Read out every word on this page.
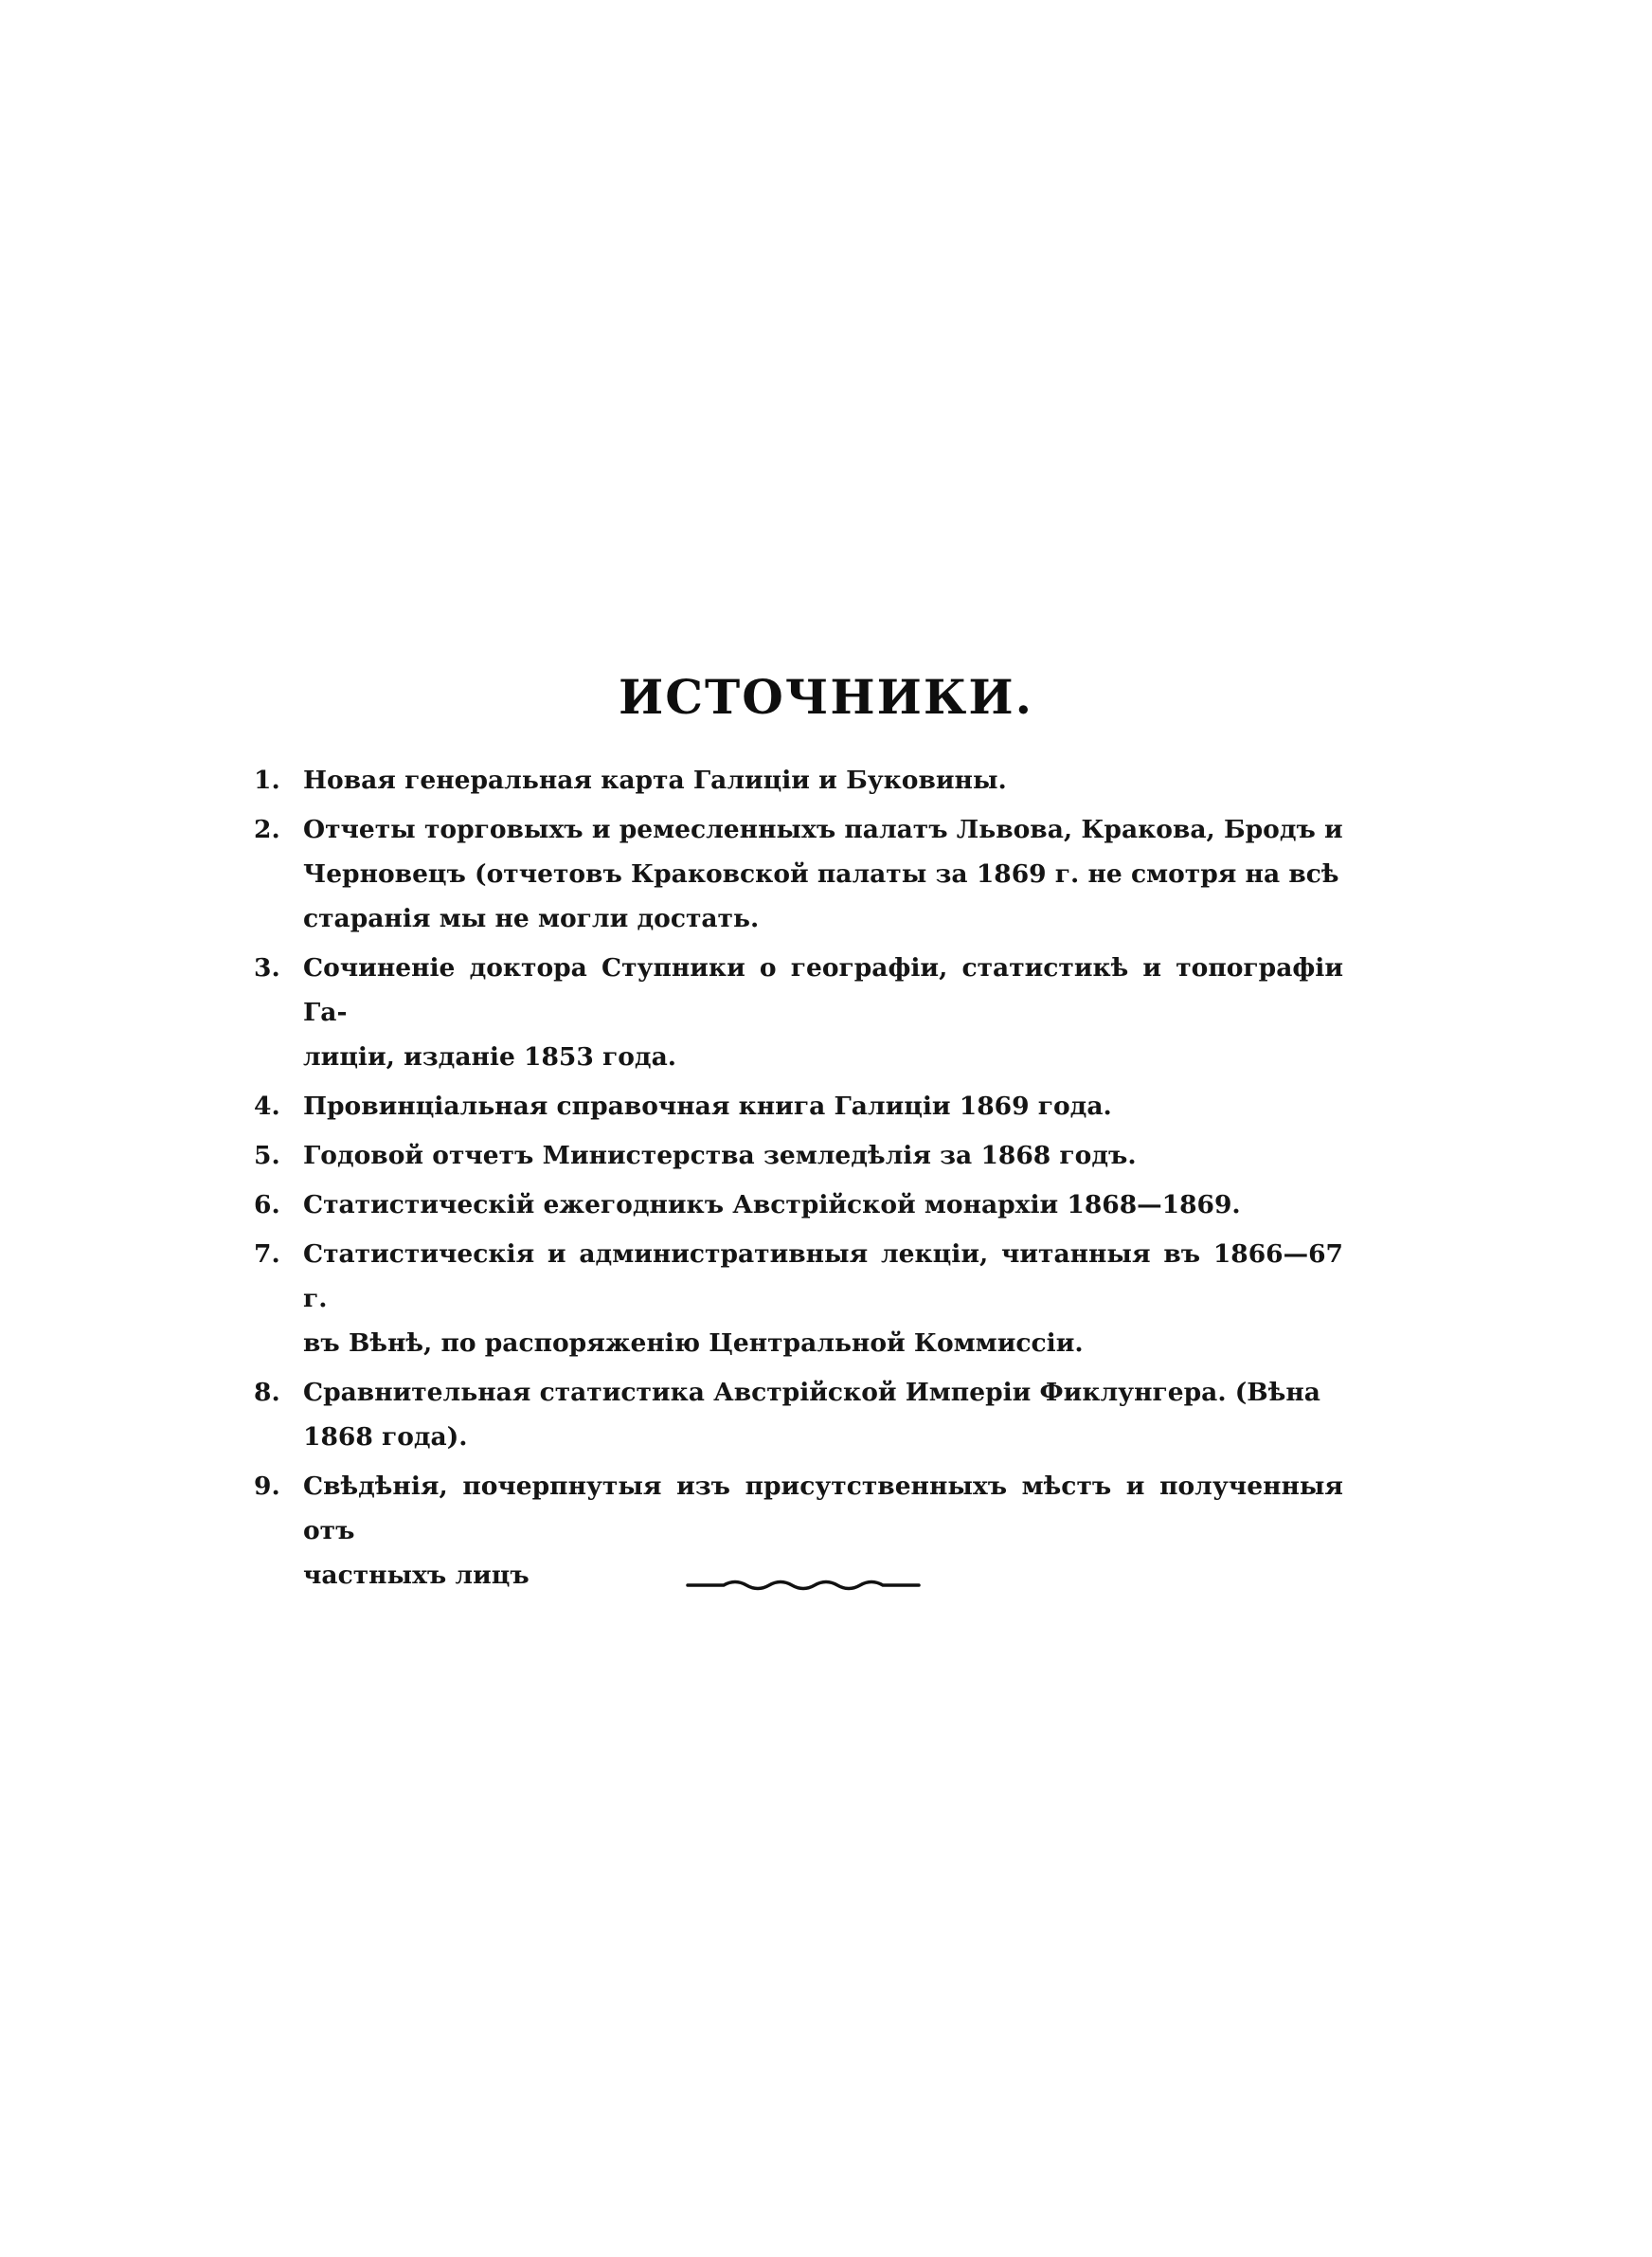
ИСТОЧНИКИ.
1. Новая генеральная карта Галиціи и Буковины.
2. Отчеты торговыхъ и ремесленныхъ палатъ Львова, Кракова, Бродъ и
Черновецъ (отчетовъ Краковской палаты за 1869 г. не смотря на всѣ
старанія мы не могли достать.
3. Сочиненіе доктора Ступники о географіи, статистикѣ и топографіи Га-
лиціи, изданіе 1853 года.
4. Провинціальная справочная книга Галиціи 1869 года.
5. Годовой отчетъ Министерства земледѣлія за 1868 годъ.
6. Статистическій ежегодникъ Австрійской монархіи 1868—1869.
7. Статистическія и административныя лекціи, читанныя въ 1866—67 г.
въ Вѣнѣ, по распоряженію Центральной Коммиссіи.
8. Сравнительная статистика Австрійской Имперіи Фиклунгера. (Вѣна
1868 года).
9. Свѣдѣнія, почерпнутыя изъ присутственныхъ мѣстъ и полученныя отъ
частныхъ лицъ
